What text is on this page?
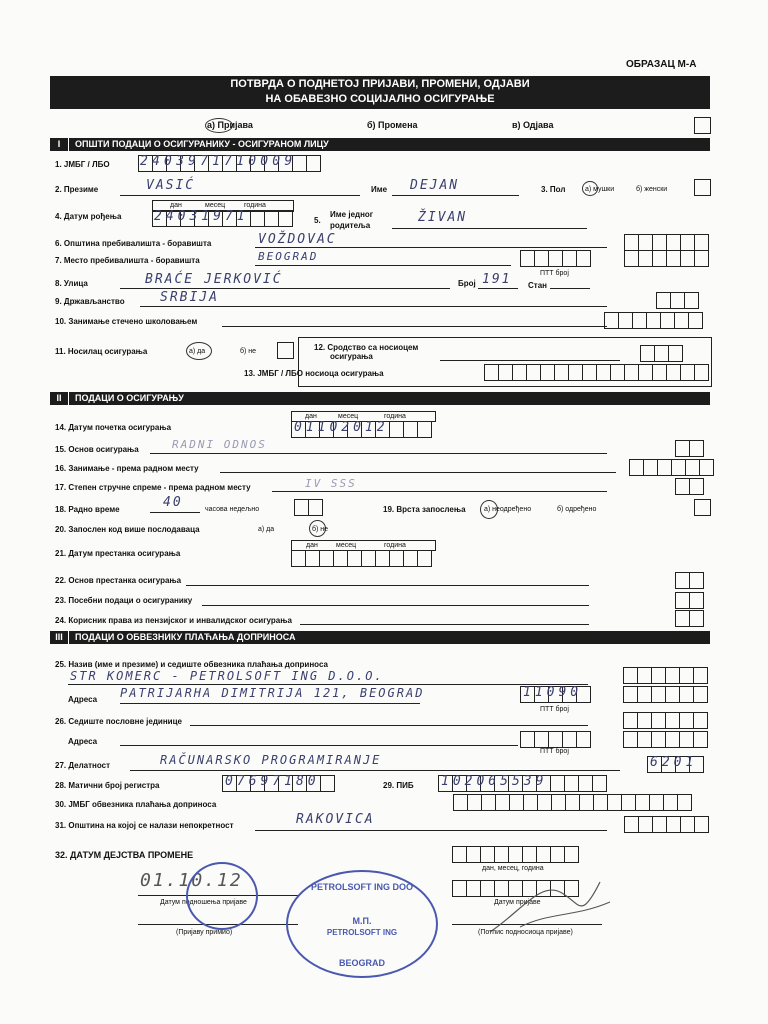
ОБРАЗАЦ М-А
ПОТВРДА О ПОДНЕТОЈ ПРИЈАВИ, ПРОМЕНИ, ОДЈАВИ
НА ОБАВЕЗНО СОЦИЈАЛНО ОСИГУРАЊЕ
а) Пријава	б) Промена	в) Одјава
I ОПШТИ ПОДАЦИ О ОСИГУРАНИКУ - ОСИГУРАНОМ ЛИЦУ
1. ЈМБГ / ЛБО 2403971710009
2. Презиме	VASIĆ	Име DEJAN	3. Пол	а) мушки	б) женски
дан	месец	година
4. Датум рођења	24031971	5.
Име једног
родитеља
ŽIVAN
6. Општина пребивалишта - боравишта	VOŽDOVAC
7. Место пребивалишта - боравишта	BEOGRAD
ПТТ број
8. Улица	BRAĆE JERKOVIĆ	Број 191 Стан
9. Држављанство	SRBIJA
10. Занимање стечено школовањем
11. Носилац осигурања	а) да	б) не	12. Сродство са носиоцем
осигурања
13. ЈМБГ / ЛБО носиоца осигурања
II ПОДАЦИ О ОСИГУРАЊУ
дан	месец	година
14. Датум почетка осигурања	01102012
15. Основ осигурања	RADNI ODNOS
16. Занимање - према радном месту
17. Степен стручне спреме - према радном месту	IV SSS
18. Радно време	40	часова недељно	19. Врста запослења	а) неодређено	б) одређено
20. Запослен код више послодаваца	а) да	б) не
дан	месец	година
21. Датум престанка осигурања
22. Основ престанка осигурања
23. Посебни подаци о осигуранику
24. Корисник права из пензијског и инвалидског осигурања
III ПОДАЦИ О ОБВЕЗНИКУ ПЛАЋАЊА ДОПРИНОСА
25. Назив (име и презиме) и седиште обвезника плаћања доприноса
STR KOMERC - PETROLSOFT ING D.O.O.
Адреса PATRIJARHA DIMITRIJA 121, BEOGRAD	11090
ПТТ број
26. Седиште пословне јединице
Адреса
ПТТ број
27. Делатност	RAČUNARSKO PROGRAMIRANJE	6201
28. Матични број регистра	07697180	29. ПИБ 102065539
30. ЈМБГ обвезника плаћања доприноса
31. Општина на којој се налази непокретност	RAKOVICA
32. ДАТУМ ДЕЈСТВА ПРОМЕНЕ
дан, месец, година
01.10.12
Датум подношења пријаве
(Пријаву примио)
PETROLSOFT ING DOO
М.П.
PETROLSOFT ING
BEOGRAD
Датум пријаве
(Потпис подносиоца пријаве)
